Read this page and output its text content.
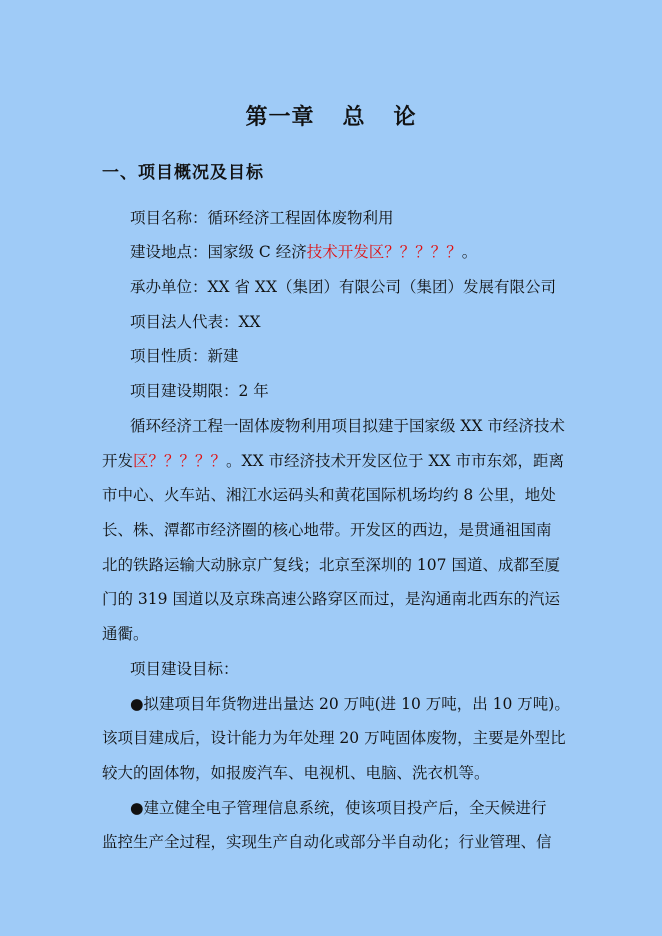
第一章 总 论
一、项目概况及目标
项目名称：循环经济工程固体废物利用
建设地点：国家级 C 经济技术开发区？？？？？。
承办单位：XX 省 XX（集团）有限公司（集团）发展有限公司
项目法人代表：XX
项目性质：新建
项目建设期限：2 年
循环经济工程一固体废物利用项目拟建于国家级 XX 市经济技术
开发区？？？？？。XX 市经济技术开发区位于 XX 市市东郊，距离
市中心、火车站、湘江水运码头和黄花国际机场均约 8 公里，地处
长、株、潭都市经济圈的核心地带。开发区的西边，是贯通祖国南
北的铁路运输大动脉京广复线；北京至深圳的 107 国道、成都至厦
门的 319 国道以及京珠高速公路穿区而过，是沟通南北西东的汽运
通衢。
项目建设目标：
●拟建项目年货物进出量达 20 万吨(进 10 万吨，出 10 万吨)。
该项目建成后，设计能力为年处理 20 万吨固体废物，主要是外型比
较大的固体物，如报废汽车、电视机、电脑、洗衣机等。
●建立健全电子管理信息系统，使该项目投产后，全天候进行
监控生产全过程，实现生产自动化或部分半自动化；行业管理、信
